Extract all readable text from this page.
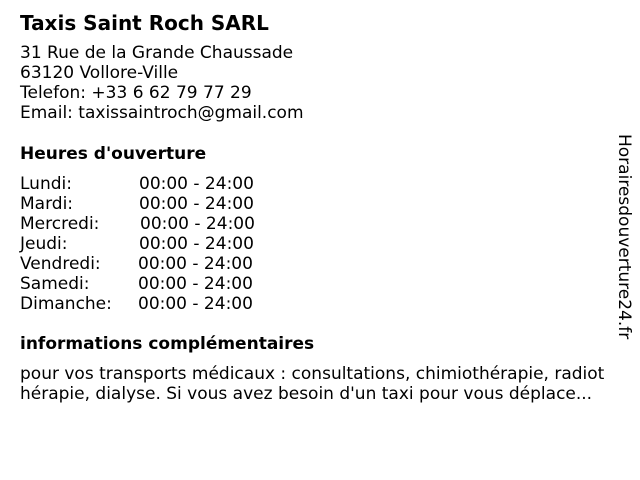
Taxis Saint Roch SARL
31 Rue de la Grande Chaussade
63120 Vollore-Ville
Telefon: +33 6 62 79 77 29
Email: taxissaintroch@gmail.com
Heures d'ouverture
Lundi:	00:00 - 24:00
Mardi:	00:00 - 24:00
Mercredi: 00:00 - 24:00
Jeudi:	00:00 - 24:00
Vendredi: 00:00 - 24:00
Samedi:	00:00 - 24:00
Dimanche: 00:00 - 24:00
informations complémentaires
pour vos transports médicaux : consultations, chimiothérapie, radiot
hérapie, dialyse. Si vous avez besoin d'un taxi pour vous déplace...
Horairesdouverture24.fr
